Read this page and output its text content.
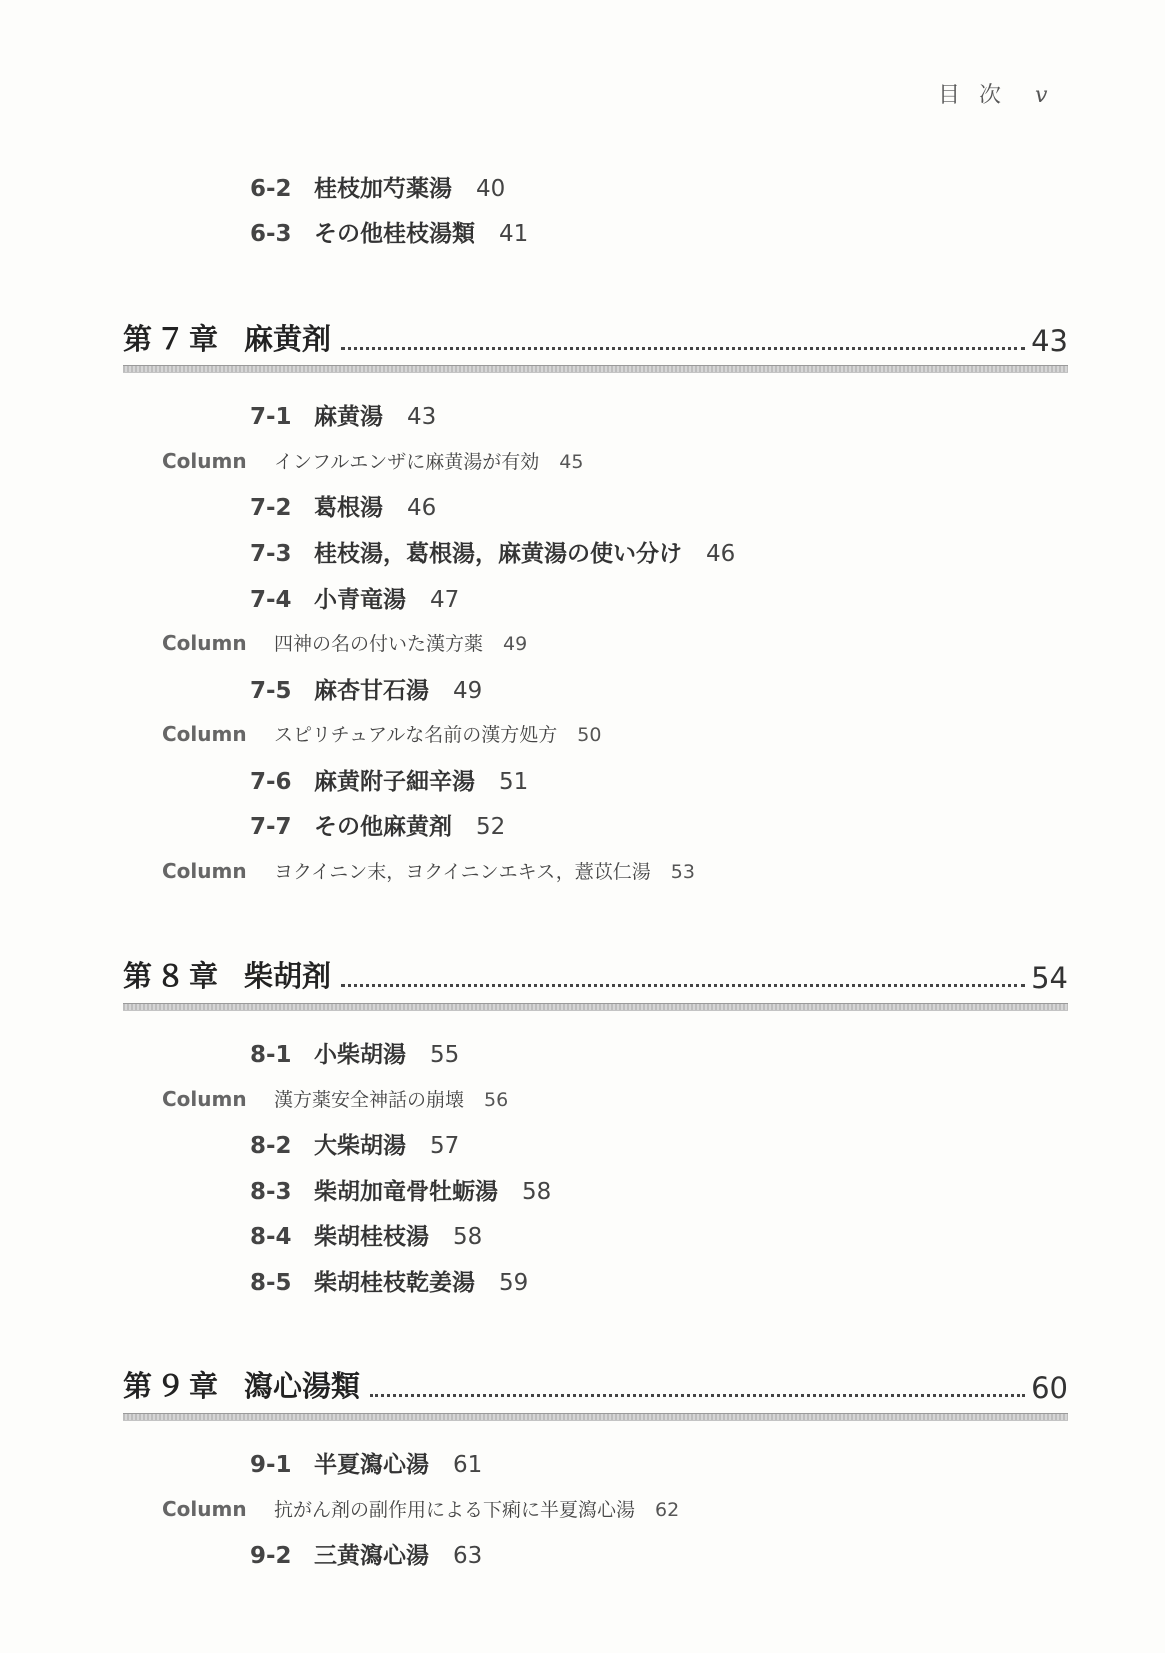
目 次 v
6-2 桂枝加芍薬湯 40
6-3 その他桂枝湯類 41
第７章 麻黄剤	43
7-1 麻黄湯 43
Column インフルエンザに麻黄湯が有効 45
7-2 葛根湯 46
7-3 桂枝湯，葛根湯，麻黄湯の使い分け 46
7-4 小青竜湯 47
Column 四神の名の付いた漢方薬 49
7-5 麻杏甘石湯 49
Column スピリチュアルな名前の漢方処方 50
7-6 麻黄附子細辛湯 51
7-7 その他麻黄剤 52
Column ヨクイニン末，ヨクイニンエキス，薏苡仁湯 53
第８章 柴胡剤	54
8-1 小柴胡湯 55
Column 漢方薬安全神話の崩壊 56
8-2 大柴胡湯 57
8-3 柴胡加竜骨牡蛎湯 58
8-4 柴胡桂枝湯 58
8-5 柴胡桂枝乾姜湯 59
第９章 瀉心湯類	60
9-1 半夏瀉心湯 61
Column 抗がん剤の副作用による下痢に半夏瀉心湯 62
9-2 三黄瀉心湯 63
